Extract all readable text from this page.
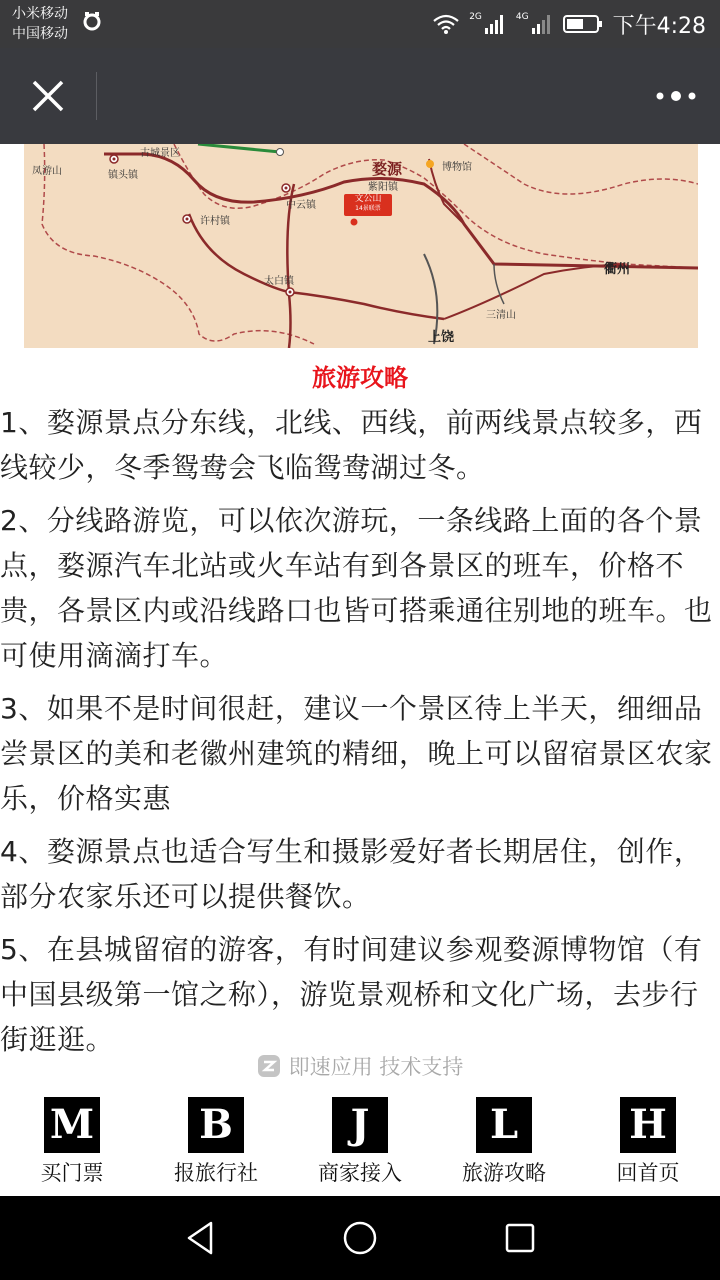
小米移动
中国移动
2G	4G	下午4:28
凤游山
古城景区
镇头镇	婺源	博物馆
紫阳镇
中云镇
许村镇
太白镇
衢州
三清山
上饶
文公山
14景联票
旅游攻略

1、婺源景点分东线，北线、西线，前两线景点较多，西线较少，冬季鸳鸯会飞临鸳鸯湖过冬。

2、分线路游览，可以依次游玩，一条线路上面的各个景点，婺源汽车北站或火车站有到各景区的班车，价格不贵，各景区内或沿线路口也皆可搭乘通往别地的班车。也可使用滴滴打车。

3、如果不是时间很赶，建议一个景区待上半天，细细品尝景区的美和老徽州建筑的精细，晚上可以留宿景区农家乐，价格实惠

4、婺源景点也适合写生和摄影爱好者长期居住，创作，部分农家乐还可以提供餐饮。

5、在县城留宿的游客，有时间建议参观婺源博物馆（有中国县级第一馆之称），游览景观桥和文化广场，去步行街逛逛。

即速应用 技术支持
M
买门票
B
报旅行社
J
商家接入
L
旅游攻略
H
回首页
